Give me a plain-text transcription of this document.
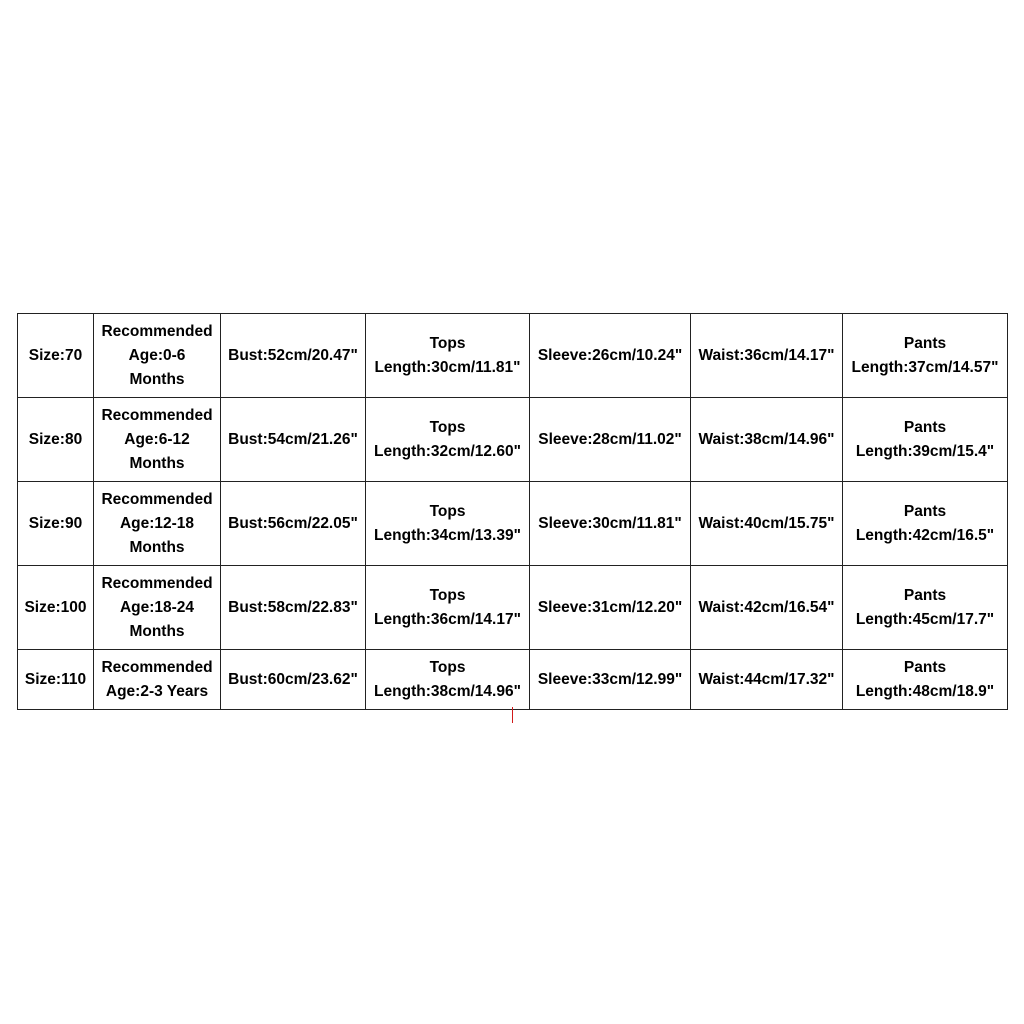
Size:70	Recommended
Age:0-6
Months	Bust:52cm/20.47"	Tops
Length:30cm/11.81"	Sleeve:26cm/10.24"	Waist:36cm/14.17"	Pants
Length:37cm/14.57"

Size:80	Recommended
Age:6-12
Months	Bust:54cm/21.26"	Tops
Length:32cm/12.60"	Sleeve:28cm/11.02"	Waist:38cm/14.96"	Pants
Length:39cm/15.4"

Size:90	Recommended
Age:12-18
Months	Bust:56cm/22.05"	Tops
Length:34cm/13.39"	Sleeve:30cm/11.81"	Waist:40cm/15.75"	Pants
Length:42cm/16.5"

Size:100	Recommended
Age:18-24
Months	Bust:58cm/22.83"	Tops
Length:36cm/14.17"	Sleeve:31cm/12.20"	Waist:42cm/16.54"	Pants
Length:45cm/17.7"

Size:110	Recommended
Age:2-3 Years	Bust:60cm/23.62"	Tops
Length:38cm/14.96"	Sleeve:33cm/12.99"	Waist:44cm/17.32"	Pants
Length:48cm/18.9"
